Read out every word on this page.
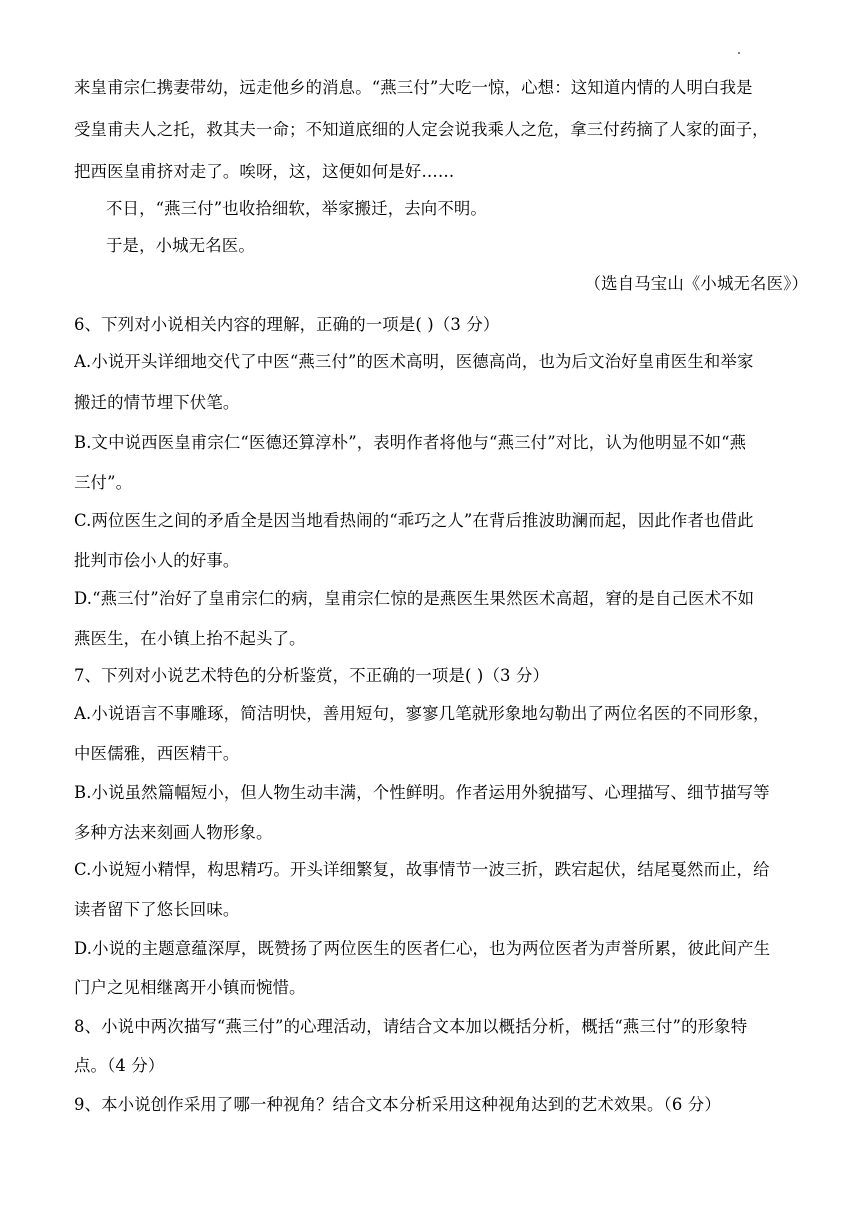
来皇甫宗仁携妻带幼，远走他乡的消息。“燕三付”大吃一惊，心想：这知道内情的人明白我是
受皇甫夫人之托，救其夫一命；不知道底细的人定会说我乘人之危，拿三付药摘了人家的面子，
把西医皇甫挤对走了。唉呀，这，这便如何是好……
不日，“燕三付”也收拾细软，举家搬迁，去向不明。
于是，小城无名医。
（选自马宝山《小城无名医》）
6、下列对小说相关内容的理解，正确的一项是( )（3 分）
A.小说开头详细地交代了中医“燕三付”的医术高明，医德高尚，也为后文治好皇甫医生和举家
搬迁的情节埋下伏笔。
B.文中说西医皇甫宗仁“医德还算淳朴”，表明作者将他与“燕三付”对比，认为他明显不如“燕
三付”。
C.两位医生之间的矛盾全是因当地看热闹的“乖巧之人”在背后推波助澜而起，因此作者也借此
批判市侩小人的好事。
D.“燕三付”治好了皇甫宗仁的病，皇甫宗仁惊的是燕医生果然医术高超，窘的是自己医术不如
燕医生，在小镇上抬不起头了。
7、下列对小说艺术特色的分析鉴赏，不正确的一项是( )（3 分）
A.小说语言不事雕琢，简洁明快，善用短句，寥寥几笔就形象地勾勒出了两位名医的不同形象，
中医儒雅，西医精干。
B.小说虽然篇幅短小，但人物生动丰满，个性鲜明。作者运用外貌描写、心理描写、细节描写等
多种方法来刻画人物形象。
C.小说短小精悍，构思精巧。开头详细繁复，故事情节一波三折，跌宕起伏，结尾戛然而止，给
读者留下了悠长回味。
D.小说的主题意蕴深厚，既赞扬了两位医生的医者仁心，也为两位医者为声誉所累，彼此间产生
门户之见相继离开小镇而惋惜。
8、小说中两次描写“燕三付”的心理活动，请结合文本加以概括分析，概括“燕三付”的形象特
点。（4 分）
9、本小说创作采用了哪一种视角？结合文本分析采用这种视角达到的艺术效果。（6 分）
